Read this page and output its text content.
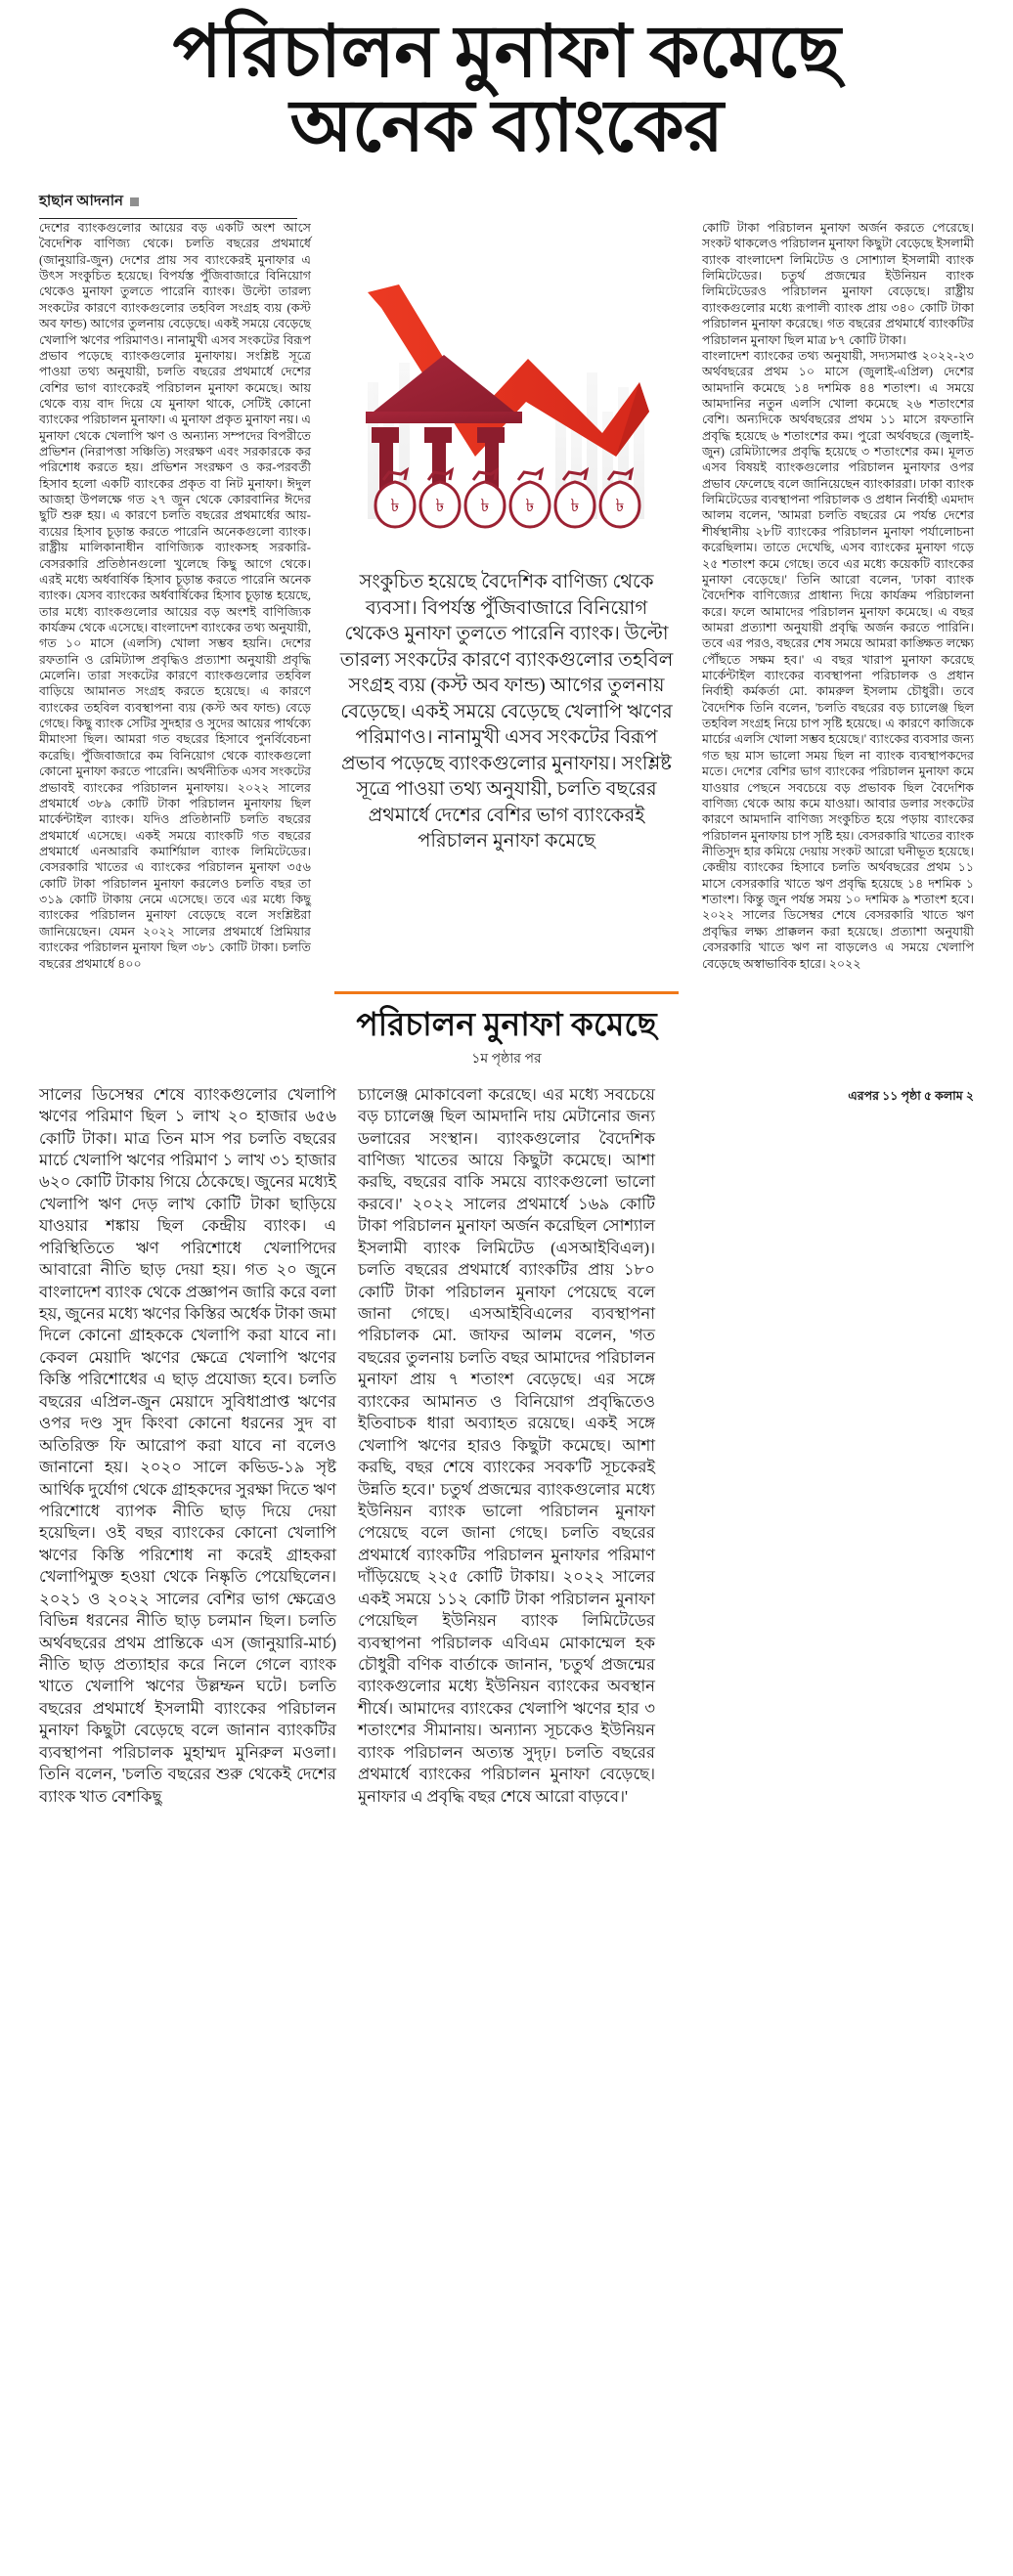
পরিচালন মুনাফা কমেছে
অনেক ব্যাংকের
হাছান আদনান

দেশের ব্যাংকগুলোর আয়ের বড় একটি অংশ আসে বৈদেশিক বাণিজ্য থেকে। চলতি বছরের প্রথমার্ধে (জানুয়ারি-জুন) দেশের প্রায় সব ব্যাংকেরই মুনাফার এ উৎস সংকুচিত হয়েছে। বিপর্যস্ত পুঁজিবাজারে বিনিয়োগ থেকেও মুনাফা তুলতে পারেনি ব্যাংক। উল্টো তারল্য সংকটের কারণে ব্যাংকগুলোর তহবিল সংগ্রহ ব্যয় (কস্ট অব ফান্ড) আগের তুলনায় বেড়েছে। একই সময়ে বেড়েছে খেলাপি ঋণের পরিমাণও। নানামুখী এসব সংকটের বিরূপ প্রভাব পড়েছে ব্যাংকগুলোর মুনাফায়। সংশ্লিষ্ট সূত্রে পাওয়া তথ্য অনুযায়ী, চলতি বছরের প্রথমার্ধে দেশের বেশির ভাগ ব্যাংকেরই পরিচালন মুনাফা কমেছে। আয় থেকে ব্যয় বাদ দিয়ে যে মুনাফা থাকে, সেটিই কোনো ব্যাংকের পরিচালন মুনাফা। এ মুনাফা প্রকৃত মুনাফা নয়। এ মুনাফা থেকে খেলাপি ঋণ ও অন্যান্য সম্পদের বিপরীতে প্রভিশন (নিরাপত্তা সঞ্চিতি) সংরক্ষণ এবং সরকারকে কর পরিশোধ করতে হয়। প্রভিশন সংরক্ষণ ও কর-পরবর্তী হিসাব হলো একটি ব্যাংকের প্রকৃত বা নিট মুনাফা। ঈদুল আজহা উপলক্ষে গত ২৭ জুন থেকে কোরবানির ঈদের ছুটি শুরু হয়। এ কারণে চলতি বছরের প্রথমার্ধের আয়-ব্যয়ের হিসাব চূড়ান্ত করতে পারেনি অনেকগুলো ব্যাংক। রাষ্ট্রীয় মালিকানাধীন বাণিজ্যিক ব্যাংকসহ সরকারি-বেসরকারি প্রতিষ্ঠানগুলো খুলেছে কিছু আগে থেকে। এরই মধ্যে অর্ধবার্ষিক হিসাব চূড়ান্ত করতে পারেনি অনেক ব্যাংক। যেসব ব্যাংকের অর্ধবার্ষিকের হিসাব চূড়ান্ত হয়েছে, তার মধ্যে ব্যাংকগুলোর আয়ের বড় অংশই বাণিজ্যিক কার্যক্রম থেকে এসেছে। বাংলাদেশ ব্যাংকের তথ্য অনুযায়ী, গত ১০ মাসে (এলসি) খোলা সম্ভব হয়নি। দেশের রফতানি ও রেমিট্যান্স প্রবৃদ্ধিও প্রত্যাশা অনুযায়ী প্রবৃদ্ধি মেলেনি। তারা সংকটের কারণে ব্যাংকগুলোর তহবিল বাড়িয়ে আমানত সংগ্রহ করতে হয়েছে। এ কারণে ব্যাংকের তহবিল ব্যবস্থাপনা ব্যয় (কস্ট অব ফান্ড) বেড়ে গেছে। কিছু ব্যাংক সেটির সুদহার ও সুদের আয়ের পার্থক্যে মীমাংসা ছিল। আমরা গত বছরের হিসাবে পুনর্বিবেচনা করেছি। পুঁজিবাজারে কম বিনিয়োগ থেকে ব্যাংকগুলো কোনো মুনাফা করতে পারেনি। অর্থনীতিক এসব সংকটের প্রভাবই ব্যাংকের পরিচালন মুনাফায়। ২০২২ সালের প্রথমার্ধে ৩৮৯ কোটি টাকা পরিচালন মুনাফায় ছিল মার্কেন্টাইল ব্যাংক। যদিও প্রতিষ্ঠানটি চলতি বছরের প্রথমার্ধে এসেছে। একই সময়ে ব্যাংকটি গত বছরের প্রথমার্ধে এনআরবি কমার্শিয়াল ব্যাংক লিমিটেডের। বেসরকারি খাতের এ ব্যাংকের পরিচালন মুনাফা ৩৫৬ কোটি টাকা পরিচালন মুনাফা করলেও চলতি বছর তা ৩১৯ কোটি টাকায় নেমে এসেছে। তবে এর মধ্যে কিছু ব্যাংকের পরিচালন মুনাফা বেড়েছে বলে সংশ্লিষ্টরা জানিয়েছেন। যেমন ২০২২ সালের প্রথমার্ধে প্রিমিয়ার ব্যাংকের পরিচালন মুনাফা ছিল ৩৮১ কোটি টাকা। চলতি বছরের প্রথমার্ধে ৪০০

৳ ৳ ৳ ৳ ৳ ৳
সংকুচিত হয়েছে বৈদেশিক বাণিজ্য থেকে ব্যবসা। বিপর্যস্ত পুঁজিবাজারে বিনিয়োগ থেকেও মুনাফা তুলতে পারেনি ব্যাংক। উল্টো তারল্য সংকটের কারণে ব্যাংকগুলোর তহবিল সংগ্রহ ব্যয় (কস্ট অব ফান্ড) আগের তুলনায় বেড়েছে। একই সময়ে বেড়েছে খেলাপি ঋণের পরিমাণও। নানামুখী এসব সংকটের বিরূপ প্রভাব পড়েছে ব্যাংকগুলোর মুনাফায়। সংশ্লিষ্ট সূত্রে পাওয়া তথ্য অনুযায়ী, চলতি বছরের প্রথমার্ধে দেশের বেশির ভাগ ব্যাংকেরই পরিচালন মুনাফা কমেছে

কোটি টাকা পরিচালন মুনাফা অর্জন করতে পেরেছে। সংকট থাকলেও পরিচালন মুনাফা কিছুটা বেড়েছে ইসলামী ব্যাংক বাংলাদেশ লিমিটেড ও সোশ্যাল ইসলামী ব্যাংক লিমিটেডের। চতুর্থ প্রজন্মের ইউনিয়ন ব্যাংক লিমিটেডেরও পরিচালন মুনাফা বেড়েছে। রাষ্ট্রীয় ব্যাংকগুলোর মধ্যে রূপালী ব্যাংক প্রায় ৩৪০ কোটি টাকা পরিচালন মুনাফা করেছে। গত বছরের প্রথমার্ধে ব্যাংকটির পরিচালন মুনাফা ছিল মাত্র ৮৭ কোটি টাকা।

বাংলাদেশ ব্যাংকের তথ্য অনুযায়ী, সদ্যসমাপ্ত ২০২২-২৩ অর্থবছরের প্রথম ১০ মাসে (জুলাই-এপ্রিল) দেশের আমদানি কমেছে ১৪ দশমিক ৪৪ শতাংশ। এ সময়ে আমদানির নতুন এলসি খোলা কমেছে ২৬ শতাংশের বেশি। অন্যদিকে অর্থবছরের প্রথম ১১ মাসে রফতানি প্রবৃদ্ধি হয়েছে ৬ শতাংশের কম। পুরো অর্থবছরে (জুলাই-জুন) রেমিট্যান্সের প্রবৃদ্ধি হয়েছে ৩ শতাংশের কম। মূলত এসব বিষয়ই ব্যাংকগুলোর পরিচালন মুনাফার ওপর প্রভাব ফেলেছে বলে জানিয়েছেন ব্যাংকাররা। ঢাকা ব্যাংক লিমিটেডের ব্যবস্থাপনা পরিচালক ও প্রধান নির্বাহী এমদাদ আলম বলেন, 'আমরা চলতি বছরের মে পর্যন্ত দেশের শীর্ষস্থানীয় ২৮টি ব্যাংকের পরিচালন মুনাফা পর্যালোচনা করেছিলাম। তাতে দেখেছি, এসব ব্যাংকের মুনাফা গড়ে ২৫ শতাংশ কমে গেছে। তবে এর মধ্যে কয়েকটি ব্যাংকের মুনাফা বেড়েছে।' তিনি আরো বলেন, 'ঢাকা ব্যাংক বৈদেশিক বাণিজ্যের প্রাধান্য দিয়ে কার্যক্রম পরিচালনা করে। ফলে আমাদের পরিচালন মুনাফা কমেছে। এ বছর আমরা প্রত্যাশা অনুযায়ী প্রবৃদ্ধি অর্জন করতে পারিনি। তবে এর পরও, বছরের শেষ সময়ে আমরা কাঙ্ক্ষিত লক্ষ্যে পৌঁছতে সক্ষম হব।' এ বছর খারাপ মুনাফা করেছে মার্কেন্টাইল ব্যাংকের ব্যবস্থাপনা পরিচালক ও প্রধান নির্বাহী কর্মকর্তা মো. কামরুল ইসলাম চৌধুরী। তবে বৈদেশিক তিনি বলেন, 'চলতি বছরের বড় চ্যালেঞ্জ ছিল তহবিল সংগ্রহ নিয়ে চাপ সৃষ্টি হয়েছে। এ কারণে কাজিকে মার্চের এলসি খোলা সম্ভব হয়েছে।' ব্যাংকের ব্যবসার জন্য গত ছয় মাস ভালো সময় ছিল না ব্যাংক ব্যবস্থাপকদের মতে। দেশের বেশির ভাগ ব্যাংকের পরিচালন মুনাফা কমে যাওয়ার পেছনে সবচেয়ে বড় প্রভাবক ছিল বৈদেশিক বাণিজ্য থেকে আয় কমে যাওয়া। আবার ডলার সংকটের কারণে আমদানি বাণিজ্য সংকুচিত হয়ে পড়ায় ব্যাংকের পরিচালন মুনাফায় চাপ সৃষ্টি হয়। বেসরকারি খাতের ব্যাংক নীতিসুদ হার কমিয়ে দেয়ায় সংকট আরো ঘনীভূত হয়েছে। কেন্দ্রীয় ব্যাংকের হিসাবে চলতি অর্থবছরের প্রথম ১১ মাসে বেসরকারি খাতে ঋণ প্রবৃদ্ধি হয়েছে ১৪ দশমিক ১ শতাংশ। কিন্তু জুন পর্যন্ত সময় ১০ দশমিক ৯ শতাংশ হবে। ২০২২ সালের ডিসেম্বর শেষে বেসরকারি খাতে ঋণ প্রবৃদ্ধির লক্ষ্য প্রাক্কলন করা হয়েছে। প্রত্যাশা অনুযায়ী বেসরকারি খাতে ঋণ না বাড়লেও এ সময়ে খেলাপি বেড়েছে অস্বাভাবিক হারে। ২০২২

পরিচালন মুনাফা কমেছে
১ম পৃষ্ঠার পর

সালের ডিসেম্বর শেষে ব্যাংকগুলোর খেলাপি ঋণের পরিমাণ ছিল ১ লাখ ২০ হাজার ৬৫৬ কোটি টাকা। মাত্র তিন মাস পর চলতি বছরের মার্চে খেলাপি ঋণের পরিমাণ ১ লাখ ৩১ হাজার ৬২০ কোটি টাকায় গিয়ে ঠেকেছে। জুনের মধ্যেই খেলাপি ঋণ দেড় লাখ কোটি টাকা ছাড়িয়ে যাওয়ার শঙ্কায় ছিল কেন্দ্রীয় ব্যাংক। এ পরিস্থিতিতে ঋণ পরিশোধে খেলাপিদের আবারো নীতি ছাড় দেয়া হয়। গত ২০ জুনে বাংলাদেশ ব্যাংক থেকে প্রজ্ঞাপন জারি করে বলা হয়, জুনের মধ্যে ঋণের কিস্তির অর্ধেক টাকা জমা দিলে কোনো গ্রাহককে খেলাপি করা যাবে না। কেবল মেয়াদি ঋণের ক্ষেত্রে খেলাপি ঋণের কিস্তি পরিশোধের এ ছাড় প্রযোজ্য হবে। চলতি বছরের এপ্রিল-জুন মেয়াদে সুবিধাপ্রাপ্ত ঋণের ওপর দণ্ড সুদ কিংবা কোনো ধরনের সুদ বা অতিরিক্ত ফি আরোপ করা যাবে না বলেও জানানো হয়। ২০২০ সালে কভিড-১৯ সৃষ্ট আর্থিক দুর্যোগ থেকে গ্রাহকদের সুরক্ষা দিতে ঋণ পরিশোধে ব্যাপক নীতি ছাড় দিয়ে দেয়া হয়েছিল। ওই বছর ব্যাংকের কোনো খেলাপি ঋণের কিস্তি পরিশোধ না করেই গ্রাহকরা খেলাপিমুক্ত হওয়া থেকে নিষ্কৃতি পেয়েছিলেন। ২০২১ ও ২০২২ সালের বেশির ভাগ ক্ষেত্রেও বিভিন্ন ধরনের নীতি ছাড় চলমান ছিল। চলতি অর্থবছরের প্রথম প্রান্তিকে এস (জানুয়ারি-মার্চ) নীতি ছাড় প্রত্যাহার করে নিলে গেলে ব্যাংক খাতে খেলাপি ঋণের উল্লম্ফন ঘটে। চলতি বছরের প্রথমার্ধে ইসলামী ব্যাংকের পরিচালন মুনাফা কিছুটা বেড়েছে বলে জানান ব্যাংকটির ব্যবস্থাপনা পরিচালক মুহাম্মদ মুনিরুল মওলা। তিনি বলেন, 'চলতি বছরের শুরু থেকেই দেশের ব্যাংক খাত বেশকিছু

চ্যালেঞ্জ মোকাবেলা করেছে। এর মধ্যে সবচেয়ে বড় চ্যালেঞ্জ ছিল আমদানি দায় মেটানোর জন্য ডলারের সংস্থান। ব্যাংকগুলোর বৈদেশিক বাণিজ্য খাতের আয়ে কিছুটা কমেছে। আশা করছি, বছরের বাকি সময়ে ব্যাংকগুলো ভালো করবে।' ২০২২ সালের প্রথমার্ধে ১৬৯ কোটি টাকা পরিচালন মুনাফা অর্জন করেছিল সোশ্যাল ইসলামী ব্যাংক লিমিটেড (এসআইবিএল)। চলতি বছরের প্রথমার্ধে ব্যাংকটির প্রায় ১৮০ কোটি টাকা পরিচালন মুনাফা পেয়েছে বলে জানা গেছে। এসআইবিএলের ব্যবস্থাপনা পরিচালক মো. জাফর আলম বলেন, 'গত বছরের তুলনায় চলতি বছর আমাদের পরিচালন মুনাফা প্রায় ৭ শতাংশ বেড়েছে। এর সঙ্গে ব্যাংকের আমানত ও বিনিয়োগ প্রবৃদ্ধিতেও ইতিবাচক ধারা অব্যাহত রয়েছে। একই সঙ্গে খেলাপি ঋণের হারও কিছুটা কমেছে। আশা করছি, বছর শেষে ব্যাংকের সবক'টি সূচকেরই উন্নতি হবে।' চতুর্থ প্রজন্মের ব্যাংকগুলোর মধ্যে ইউনিয়ন ব্যাংক ভালো পরিচালন মুনাফা পেয়েছে বলে জানা গেছে। চলতি বছরের প্রথমার্ধে ব্যাংকটির পরিচালন মুনাফার পরিমাণ দাঁড়িয়েছে ২২৫ কোটি টাকায়। ২০২২ সালের একই সময়ে ১১২ কোটি টাকা পরিচালন মুনাফা পেয়েছিল ইউনিয়ন ব্যাংক লিমিটেডের ব্যবস্থাপনা পরিচালক এবিএম মোকাম্মেল হক চৌধুরী বণিক বার্তাকে জানান, 'চতুর্থ প্রজন্মের ব্যাংকগুলোর মধ্যে ইউনিয়ন ব্যাংকের অবস্থান শীর্ষে। আমাদের ব্যাংকের খেলাপি ঋণের হার ৩ শতাংশের সীমানায়। অন্যান্য সূচকেও ইউনিয়ন ব্যাংক পরিচালন অত্যন্ত সুদৃঢ়। চলতি বছরের প্রথমার্ধে ব্যাংকের পরিচালন মুনাফা বেড়েছে। মুনাফার এ প্রবৃদ্ধি বছর শেষে আরো বাড়বে।'

এরপর ১১ পৃষ্ঠা ৫ কলাম ২
